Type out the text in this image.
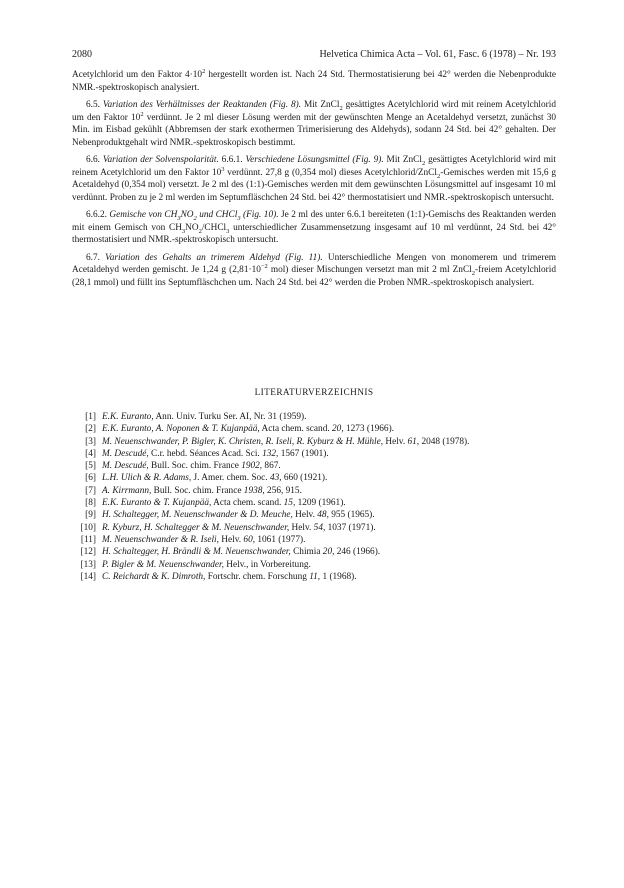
2080	Helvetica Chimica Acta – Vol. 61, Fasc. 6 (1978) – Nr. 193

Acetylchlorid um den Faktor $4\cdot 10^2$ hergestellt worden ist. Nach 24 Std. Thermostatisierung bei 42° werden die Nebenprodukte NMR.-spektroskopisch analysiert.

6.5. Variation des Verhältnisses der Reaktanden (Fig. 8). Mit ZnCl$_2$ gesättigtes Acetylchlorid wird mit reinem Acetylchlorid um den Faktor $10^2$ verdünnt. Je 2 ml dieser Lösung werden mit der gewünschten Menge an Acetaldehyd versetzt, zunächst 30 Min. im Eisbad gekühlt (Abbremsen der stark exothermen Trimerisierung des Aldehyds), sodann 24 Std. bei 42° gehalten. Der Nebenproduktgehalt wird NMR.-spektroskopisch bestimmt.

6.6. Variation der Solvenspolarität. 6.6.1. Verschiedene Lösungsmittel (Fig. 9). Mit ZnCl$_2$ gesättigtes Acetylchlorid wird mit reinem Acetylchlorid um den Faktor $10^3$ verdünnt. 27,8 g (0,354 mol) dieses Acetylchlorid/ZnCl$_2$-Gemisches werden mit 15,6 g Acetaldehyd (0,354 mol) versetzt. Je 2 ml des (1:1)-Gemisches werden mit dem gewünschten Lösungsmittel auf insgesamt 10 ml verdünnt. Proben zu je 2 ml werden im Septumfläschchen 24 Std. bei 42° thermostatisiert und NMR.-spektroskopisch untersucht.

6.6.2. Gemische von $CH_3NO_2$ und CHCl$_3$ (Fig. 10). Je 2 ml des unter 6.6.1 bereiteten (1:1)-Gemischs des Reaktanden werden mit einem Gemisch von $CH_3NO_2/CHCl_3$ unterschiedlicher Zusammensetzung insgesamt auf 10 ml verdünnt, 24 Std. bei 42° thermostatisiert und NMR.-spektroskopisch untersucht.

6.7. Variation des Gehalts an trimerem Aldehyd (Fig. 11). Unterschiedliche Mengen von monomerem und trimerem Acetaldehyd werden gemischt. Je 1,24 g ($2,81\cdot 10^{-2}$ mol) dieser Mischungen versetzt man mit 2 ml ZnCl$_2$-freiem Acetylchlorid (28,1 mmol) und füllt ins Septumfläschchen um. Nach 24 Std. bei 42° werden die Proben NMR.-spektroskopisch analysiert.

LITERATURVERZEICHNIS
[1] E.K. Euranto, Ann. Univ. Turku Ser. AI, Nr. 31 (1959).
[2] E.K. Euranto, A. Noponen & T. Kujanpää, Acta chem. scand. 20, 1273 (1966).
[3] M. Neuenschwander, P. Bigler, K. Christen, R. Iseli, R. Kyburz & H. Mühle, Helv. 61, 2048 (1978).
[4] M. Descudé, C.r. hebd. Séances Acad. Sci. 132, 1567 (1901).
[5] M. Descudé, Bull. Soc. chim. France 1902, 867.
[6] L.H. Ulich & R. Adams, J. Amer. chem. Soc. 43, 660 (1921).
[7] A. Kirrmann, Bull. Soc. chim. France 1938, 256, 915.
[8] E.K. Euranto & T. Kujanpää, Acta chem. scand. 15, 1209 (1961).
[9] H. Schaltegger, M. Neuenschwander & D. Meuche, Helv. 48, 955 (1965).
[10] R. Kyburz, H. Schaltegger & M. Neuenschwander, Helv. 54, 1037 (1971).
[11] M. Neuenschwander & R. Iseli, Helv. 60, 1061 (1977).
[12] H. Schaltegger, H. Brändli & M. Neuenschwander, Chimia 20, 246 (1966).
[13] P. Bigler & M. Neuenschwander, Helv., in Vorbereitung.
[14] C. Reichardt & K. Dimroth, Fortschr. chem. Forschung 11, 1 (1968).
